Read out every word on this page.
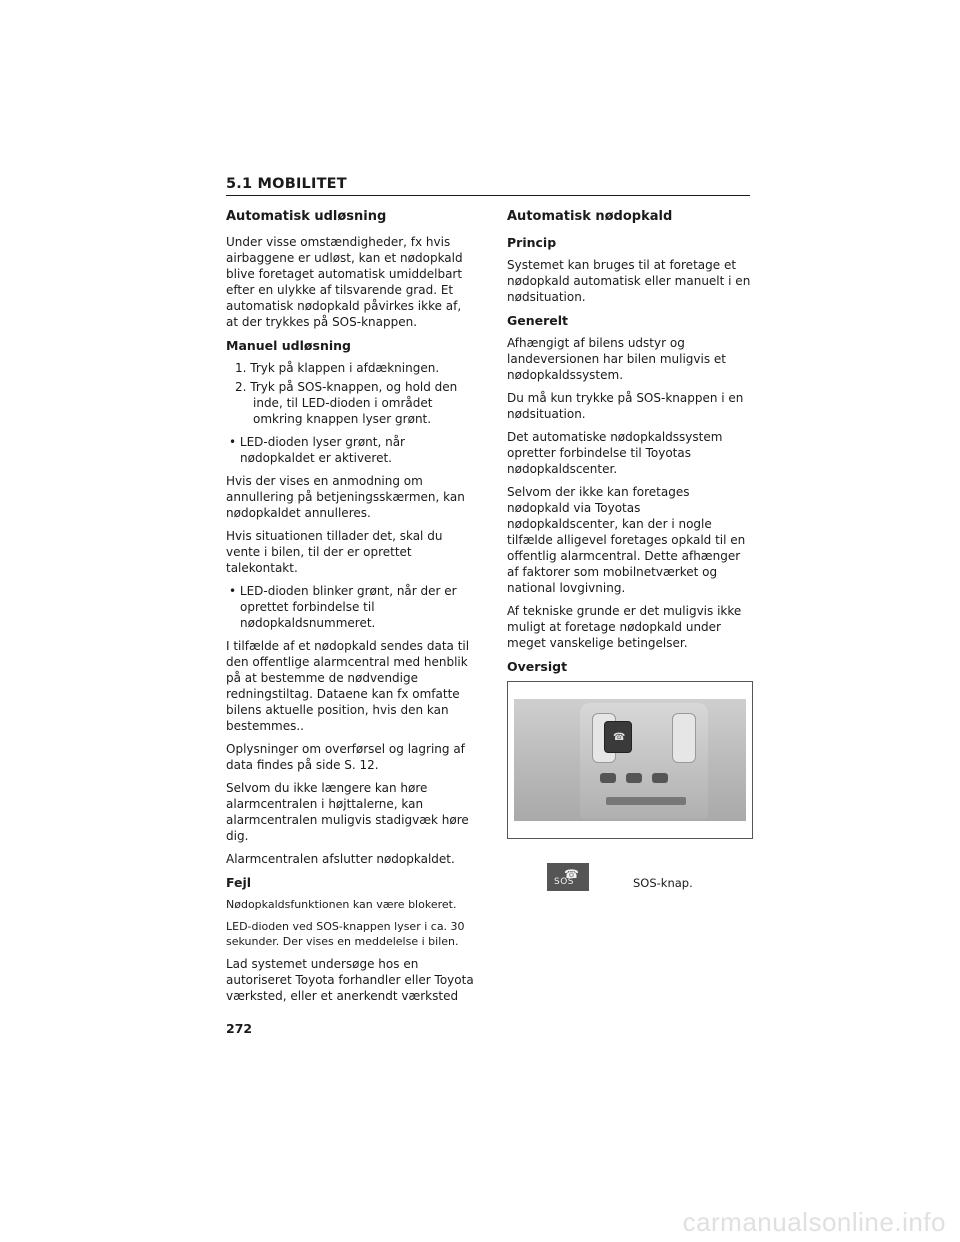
5.1 MOBILITET
Automatisk udløsning

Under visse omstændigheder, fx hvis airbaggene er udløst, kan et nødopkald blive foretaget automatisk umiddelbart efter en ulykke af tilsvarende grad. Et automatisk nødopkald påvirkes ikke af, at der trykkes på SOS-knappen.

Manuel udløsning

1. Tryk på klappen i afdækningen.

2. Tryk på SOS-knappen, og hold den inde, til LED-dioden i området omkring knappen lyser grønt.

• LED-dioden lyser grønt, når nødopkaldet er aktiveret.

Hvis der vises en anmodning om annullering på betjeningsskærmen, kan nødopkaldet annulleres.

Hvis situationen tillader det, skal du vente i bilen, til der er oprettet talekontakt.

• LED-dioden blinker grønt, når der er oprettet forbindelse til nødopkaldsnummeret.

I tilfælde af et nødopkald sendes data til den offentlige alarmcentral med henblik på at bestemme de nødvendige redningstiltag. Dataene kan fx omfatte bilens aktuelle position, hvis den kan bestemmes..

Oplysninger om overførsel og lagring af data findes på side S. 12.

Selvom du ikke længere kan høre alarmcentralen i højttalerne, kan alarmcentralen muligvis stadigvæk høre dig.

Alarmcentralen afslutter nødopkaldet.

Fejl

Nødopkaldsfunktionen kan være blokeret.

LED-dioden ved SOS-knappen lyser i ca. 30 sekunder. Der vises en meddelelse i bilen.

Lad systemet undersøge hos en autoriseret Toyota forhandler eller Toyota værksted, eller et anerkendt værksted

Automatisk nødopkald
Princip

Systemet kan bruges til at foretage et nødopkald automatisk eller manuelt i en nødsituation.

Generelt

Afhængigt af bilens udstyr og landeversionen har bilen muligvis et nødopkaldssystem.

Du må kun trykke på SOS-knappen i en nødsituation.

Det automatiske nødopkaldssystem opretter forbindelse til Toyotas nødopkaldscenter.

Selvom der ikke kan foretages nødopkald via Toyotas nødopkaldscenter, kan der i nogle tilfælde alligevel foretages opkald til en offentlig alarmcentral. Dette afhænger af faktorer som mobilnetværket og national lovgivning.

Af tekniske grunde er det muligvis ikke muligt at foretage nødopkald under meget vanskelige betingelser.

Oversigt
☎
☎
SOS	SOS-knap.
272
carmanualsonline.info
